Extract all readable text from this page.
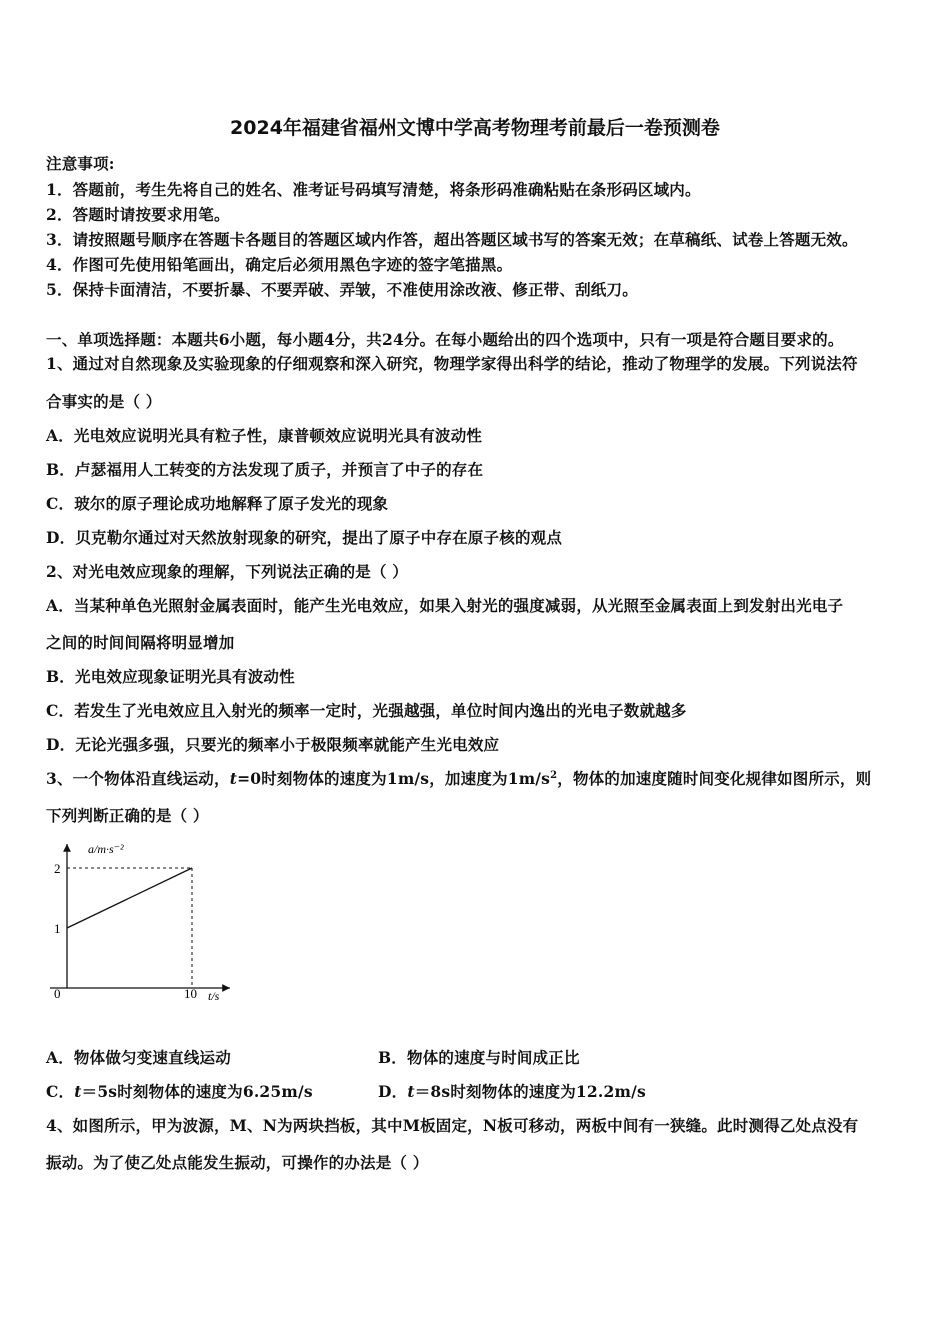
2024年福建省福州文博中学高考物理考前最后一卷预测卷
注意事项:
1．答题前，考生先将自己的姓名、准考证号码填写清楚，将条形码准确粘贴在条形码区域内。
2．答题时请按要求用笔。
3．请按照题号顺序在答题卡各题目的答题区域内作答，超出答题区域书写的答案无效；在草稿纸、试卷上答题无效。
4．作图可先使用铅笔画出，确定后必须用黑色字迹的签字笔描黑。
5．保持卡面清洁，不要折暴、不要弄破、弄皱，不准使用涂改液、修正带、刮纸刀。
一、单项选择题：本题共6小题，每小题4分，共24分。在每小题给出的四个选项中，只有一项是符合题目要求的。
1、通过对自然现象及实验现象的仔细观察和深入研究，物理学家得出科学的结论，推动了物理学的发展。下列说法符
合事实的是（ ）
A．光电效应说明光具有粒子性，康普顿效应说明光具有波动性
B．卢瑟福用人工转变的方法发现了质子，并预言了中子的存在
C．玻尔的原子理论成功地解释了原子发光的现象
D．贝克勒尔通过对天然放射现象的研究，提出了原子中存在原子核的观点
2、对光电效应现象的理解，下列说法正确的是（ ）
A．当某种单色光照射金属表面时，能产生光电效应，如果入射光的强度减弱，从光照至金属表面上到发射出光电子
之间的时间间隔将明显增加
B．光电效应现象证明光具有波动性
C．若发生了光电效应且入射光的频率一定时，光强越强，单位时间内逸出的光电子数就越多
D．无论光强多强，只要光的频率小于极限频率就能产生光电效应
3、一个物体沿直线运动，t=0时刻物体的速度为1m/s，加速度为$1m/s^2$，物体的加速度随时间变化规律如图所示，则
下列判断正确的是（ ）
a/m·s⁻²
1
2
0	10 t/s
A．物体做匀变速直线运动	B．物体的速度与时间成正比
C．t＝5s时刻物体的速度为6.25m/s	D．t＝8s时刻物体的速度为12.2m/s
4、如图所示，甲为波源，M、N为两块挡板，其中M板固定，N板可移动，两板中间有一狭缝。此时测得乙处点没有
振动。为了使乙处点能发生振动，可操作的办法是（ ）
